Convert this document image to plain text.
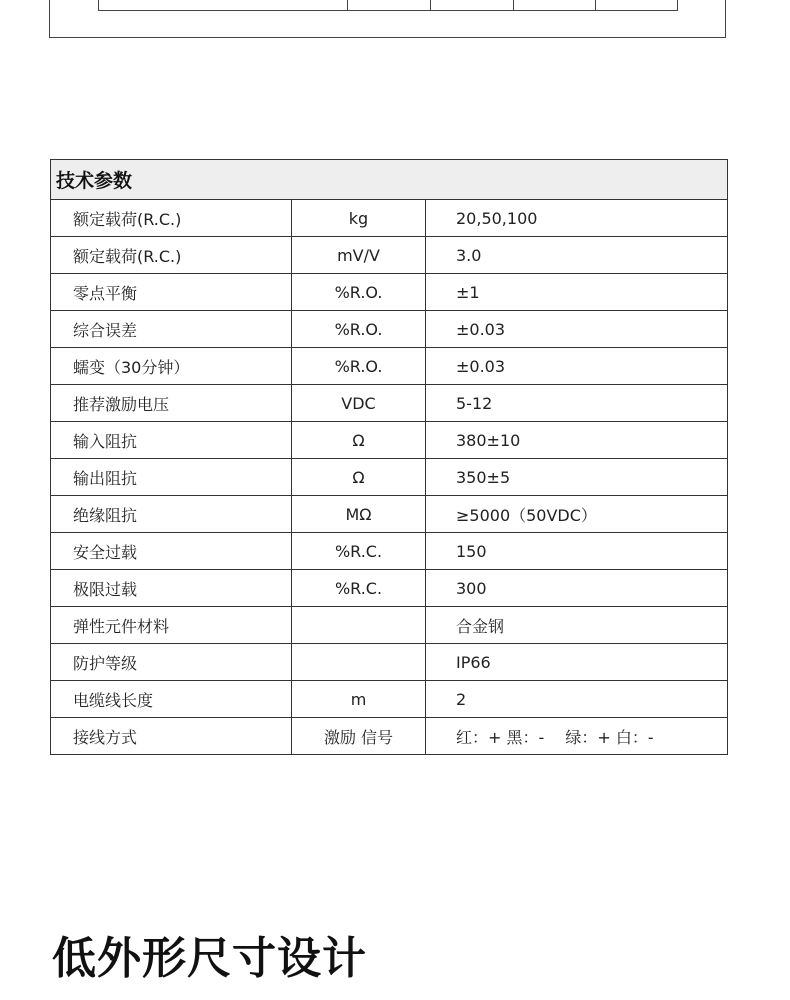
技术参数		
额定载荷(R.C.)	kg	20,50,100
额定载荷(R.C.)	mV/V	3.0
零点平衡	%R.O.	±1
综合误差	%R.O.	±0.03
蠕变（30分钟）	%R.O.	±0.03
推荐激励电压	VDC	5-12
输入阻抗	Ω	380±10
输出阻抗	Ω	350±5
绝缘阻抗	MΩ	≥5000（50VDC）
安全过载	%R.C.	150
极限过载	%R.C.	300
弹性元件材料		合金钢
防护等级		IP66
电缆线长度	m	2
接线方式	激励 信号	红：+ 黑：-　 绿：+ 白：-
低外形尺寸设计
